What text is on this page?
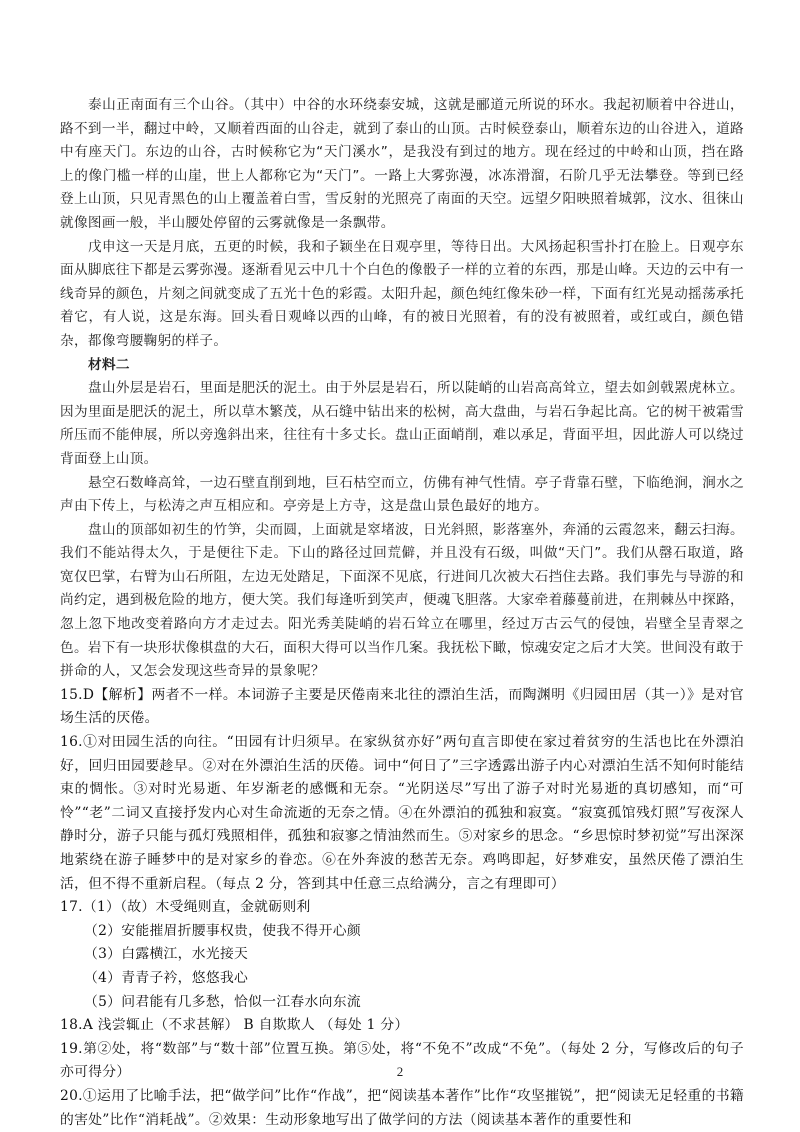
泰山正南面有三个山谷。（其中）中谷的水环绕泰安城，这就是郦道元所说的环水。我起初顺着中谷进山，路不到一半，翻过中岭，又顺着西面的山谷走，就到了泰山的山顶。古时候登泰山，顺着东边的山谷进入，道路中有座天门。东边的山谷，古时候称它为“天门溪水”，是我没有到过的地方。现在经过的中岭和山顶，挡在路上的像门槛一样的山崖，世上人都称它为“天门”。一路上大雾弥漫，冰冻滑溜，石阶几乎无法攀登。等到已经登上山顶，只见青黑色的山上覆盖着白雪，雪反射的光照亮了南面的天空。远望夕阳映照着城郭，汶水、徂徕山就像图画一般，半山腰处停留的云雾就像是一条飘带。

戊申这一天是月底，五更的时候，我和子颖坐在日观亭里，等待日出。大风扬起积雪扑打在脸上。日观亭东面从脚底往下都是云雾弥漫。逐渐看见云中几十个白色的像骰子一样的立着的东西，那是山峰。天边的云中有一线奇异的颜色，片刻之间就变成了五光十色的彩霞。太阳升起，颜色纯红像朱砂一样，下面有红光晃动摇荡承托着它，有人说，这是东海。回头看日观峰以西的山峰，有的被日光照着，有的没有被照着，或红或白，颜色错杂，都像弯腰鞠躬的样子。

材料二

盘山外层是岩石，里面是肥沃的泥土。由于外层是岩石，所以陡峭的山岩高高耸立，望去如剑戟罴虎林立。因为里面是肥沃的泥土，所以草木繁茂，从石缝中钻出来的松树，高大盘曲，与岩石争起比高。它的树干被霜雪所压而不能伸展，所以旁逸斜出来，往往有十多丈长。盘山正面峭削，难以承足，背面平坦，因此游人可以绕过背面登上山顶。

悬空石数峰高耸，一边石壁直削到地，巨石枯空而立，仿佛有神气性情。亭子背靠石壁，下临绝涧，涧水之声由下传上，与松涛之声互相应和。亭旁是上方寺，这是盘山景色最好的地方。

盘山的顶部如初生的竹笋，尖而圆，上面就是窣堵波，日光斜照，影落塞外，奔涌的云霞忽来，翻云扫海。我们不能站得太久，于是便往下走。下山的路径过回荒僻，并且没有石级，叫做“天门”。我们从罄石取道，路宽仅巴掌，右臂为山石所阻，左边无处踏足，下面深不见底，行进间几次被大石挡住去路。我们事先与导游的和尚约定，遇到极危险的地方，便大笑。我们每逢听到笑声，便魂飞胆落。大家牵着藤蔓前进，在荆棘丛中探路，忽上忽下地改变着路向方才走过去。阳光秀美陡峭的岩石耸立在哪里，经过万古云气的侵蚀，岩壁全呈青翠之色。岩下有一块形状像棋盘的大石，面积大得可以当作几案。我抚松下瞰，惊魂安定之后才大笑。世间没有敢于拼命的人，又怎会发现这些奇异的景象呢？

15.D【解析】两者不一样。本词游子主要是厌倦南来北往的漂泊生活，而陶渊明《归园田居（其一）》是对官场生活的厌倦。

16.①对田园生活的向往。“田园有计归须早。在家纵贫亦好”两句直言即使在家过着贫穷的生活也比在外漂泊好，回归田园要趁早。②对在外漂泊生活的厌倦。词中“何日了”三字透露出游子内心对漂泊生活不知何时能结束的惆怅。③对时光易逝、年岁渐老的感慨和无奈。“光阴送尽”写出了游子对时光易逝的真切感知，而“可怜”“老”二词又直接抒发内心对生命流逝的无奈之情。④在外漂泊的孤独和寂寞。“寂寞孤馆残灯照”写夜深人静时分，游子只能与孤灯残照相伴，孤独和寂寥之情油然而生。⑤对家乡的思念。“乡思惊时梦初觉”写出深深地萦绕在游子睡梦中的是对家乡的眷恋。⑥在外奔波的愁苦无奈。鸡鸣即起，好梦难安，虽然厌倦了漂泊生活，但不得不重新启程。（每点 2 分，答到其中任意三点给满分，言之有理即可）

17.（1）（故）木受绳则直，金就砺则利

（2）安能摧眉折腰事权贵，使我不得开心颜

（3）白露横江，水光接天

（4）青青子衿，悠悠我心

（5）问君能有几多愁，恰似一江春水向东流

18.A 浅尝辄止（不求甚解） B 自欺欺人 （每处 1 分）

19.第②处，将“数部”与“数十部”位置互换。第⑤处，将“不免不”改成“不免”。（每处 2 分，写修改后的句子亦可得分）

20.①运用了比喻手法，把“做学问”比作“作战”，把“阅读基本著作”比作“攻坚摧锐”，把“阅读无足轻重的书籍的害处”比作“消耗战”。②效果：生动形象地写出了做学问的方法（阅读基本著作的重要性和

2
